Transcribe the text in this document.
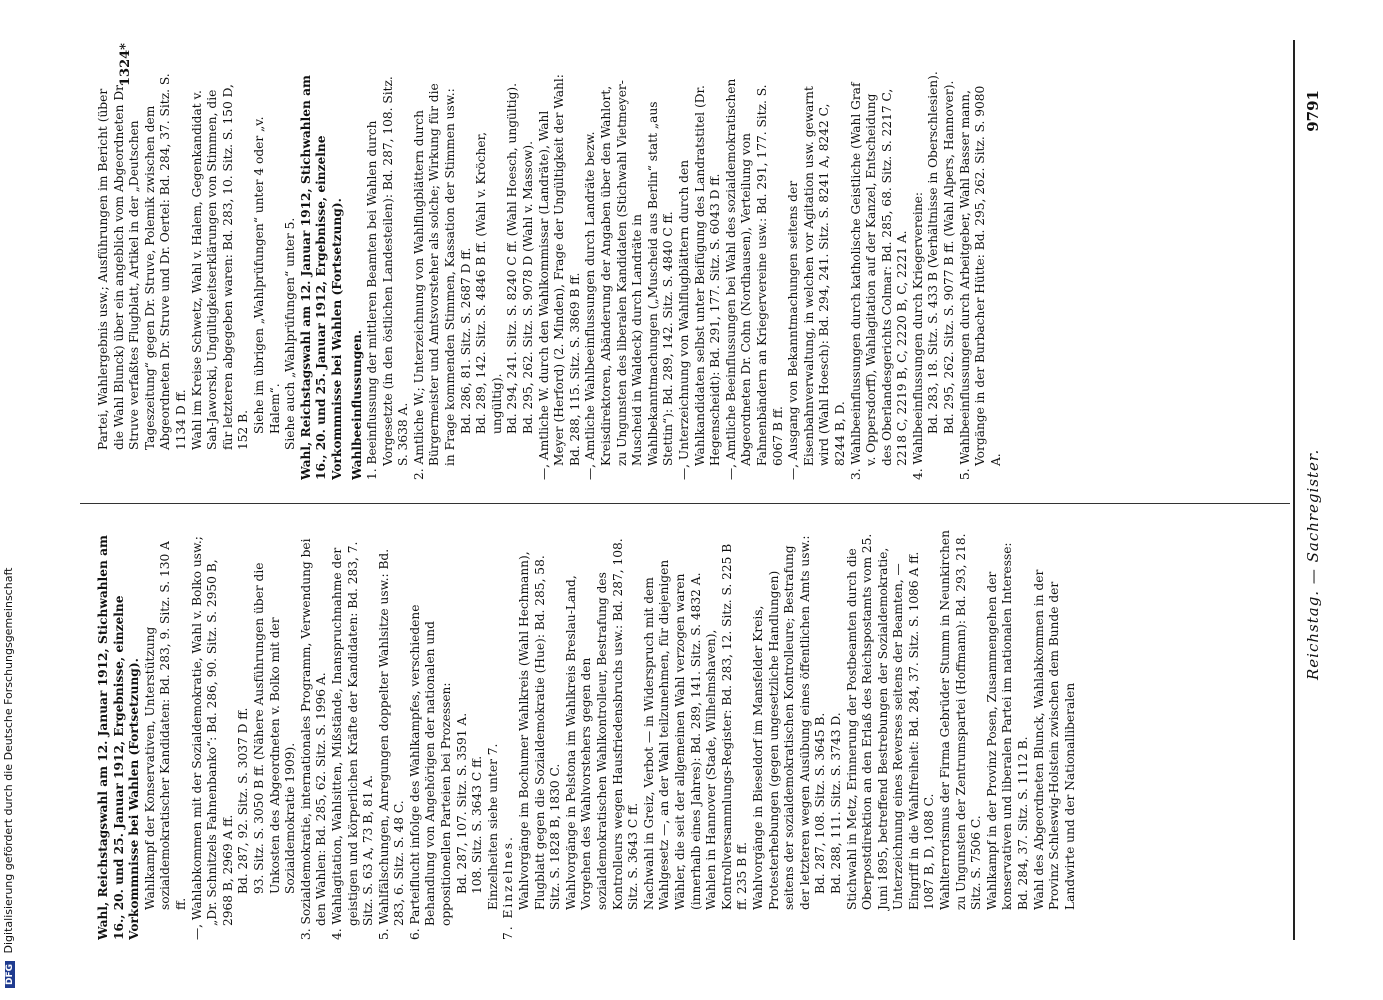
Reichstag. — Sachregister.
9791

Wahl, Reichstagswahl am 12. Januar 1912, Stichwahlen am 16., 20. und 25. Januar 1912, Ergebnisse, einzelne Vorkommnisse bei Wahlen (Fortsetzung). Wahlkampf der Konservativen, Unterstützung sozialdemokratischer Kandidaten: Bd. 283, 9. Sitz. S. 130 A ff. —, Wahlabkommen mit der Sozialdemokratie, Wahl v. Bolko usw.; „Dr. Schnitzels Fahnenbanko“: Bd. 286, 90. Sitz. S. 2950 B, 2968 B, 2969 A ff. Bd. 287, 92. Sitz. S. 3037 D ff. 93. Sitz. S. 3050 B ff. (Nähere Ausführungen über die Unkosten des Abgeordneten v. Bolko mit der Sozialdemokratie 1909). 3. Sozialdemokratie, internationales Programm, Verwendung bei den Wahlen: Bd. 285, 62. Sitz. S. 1996 A. 4. Wahlagitation, Wahlsitten, Mißstände, Inanspruchnahme der geistigen und körperlichen Kräfte der Kandidaten: Bd. 283, 7. Sitz. S. 63 A, 73 B, 81 A. 5. Wahlfälschungen, Anregungen doppelter Wahlsitze usw.: Bd. 283, 6. Sitz. S. 48 C. 6. Parteiflucht infolge des Wahlkampfes, verschiedene Behandlung von Angehörigen der nationalen und oppositionellen Parteien bei Prozessen: Bd. 287, 107. Sitz. S. 3591 A. 108. Sitz. S. 3643 C ff. Einzelheiten siehe unter 7. 7. Einzelnes. Wahlvorgänge im Bochumer Wahlkreis (Wahl Hechmann), Flugblatt gegen die Sozialdemokratie (Hue): Bd. 285, 58. Sitz. S. 1828 B, 1830 C. Wahlvorgänge in Pelstona im Wahlkreis Breslau-Land, Vorgehen des Wahlvorstehers gegen den sozialdemokratischen Wahlkontrolleur, Bestrafung des Kontrolleurs wegen Hausfriedensbruchs usw.: Bd. 287, 108. Sitz. S. 3643 C ff. Nachwahl in Greiz, Verbot — in Widerspruch mit dem Wahlgesetz —, an der Wahl teilzunehmen, für diejenigen Wähler, die seit der allgemeinen Wahl verzogen waren (innerhalb eines Jahres): Bd. 289, 141. Sitz. S. 4832 A. Wahlen in Hannover (Stade, Wilhelmshaven), Kontrollversammlungs-Register: Bd. 283, 12. Sitz. S. 225 B ff. 235 B ff. Wahlvorgänge in Bieseldorf im Mansfelder Kreis, Protesterhebungen (gegen ungesetzliche Handlungen) seitens der sozialdemokratischen Kontrolleure; Bestrafung der letzteren wegen Ausübung eines öffentlichen Amts usw.: Bd. 287, 108. Sitz. S. 3645 B. Bd. 288, 111. Sitz. S. 3743 D. Stichwahl in Metz, Erinnerung der Postbeamten durch die Oberpostdirektion an den Erlaß des Reichspostamts vom 25. Juni 1895, betreffend Bestrebungen der Sozialdemokratie, Unterzeichnung eines Reverses seitens der Beamten, — Eingriff in die Wahlfreiheit: Bd. 284, 37. Sitz. S. 1086 A ff. 1087 B, D, 1088 C. Wahlterrorismus der Firma Gebrüder Stumm in Neunkirchen zu Ungunsten der Zentrumspartei (Hoffmann): Bd. 293, 218. Sitz. S. 7506 C. Wahlkampf in der Provinz Posen, Zusammengehen der konservativen und liberalen Partei im nationalen Interesse: Bd. 284, 37. Sitz. S. 1112 B. Wahl des Abgeordneten Blunck, Wahlabkommen in der Provinz Schleswig-Holstein zwischen dem Bunde der Landwirte und der Nationalliberalen

Partei, Wahlergebnis usw.; Ausführungen im Bericht (über die Wahl Blunck) über ein angeblich vom Abgeordneten Dr. Struve verfaßtes Flugblatt, Artikel in der „Deutschen Tageszeitung“ gegen Dr. Struve, Polemik zwischen dem Abgeordneten Dr. Struve und Dr. Oertel: Bd. 284, 37. Sitz. S. 1134 D ff. Wahl im Kreise Schwetz, Wahl v. Halem, Gegenkandidat v. Sah-Jaworski, Ungültigkeitserklärungen von Stimmen, die für letzteren abgegeben waren: Bd. 283, 10. Sitz. S. 150 D, 152 B. Siehe im übrigen „Wahlprüfungen“ unter 4 oder „v. Halem“. Siehe auch „Wahlprüfungen“ unter 5. Wahl, Reichstagswahl am 12. Januar 1912, Stichwahlen am 16., 20. und 25. Januar 1912, Ergebnisse, einzelne Vorkommnisse bei Wahlen (Fortsetzung). Wahlbeeinflussungen. 1. Beeinflussung der mittleren Beamten bei Wahlen durch Vorgesetzte (in den östlichen Landesteilen): Bd. 287, 108. Sitz. S. 3638 A. 2. Amtliche W.; Unterzeichnung von Wahlflugblättern durch Bürgermeister und Amtsvorsteher als solche; Wirkung für die in Frage kommenden Stimmen, Kassation der Stimmen usw.: Bd. 286, 81. Sitz. S. 2687 D ff. Bd. 289, 142. Sitz. S. 4846 B ff. (Wahl v. Kröcher, ungültig). Bd. 294, 241. Sitz. S. 8240 C ff. (Wahl Hoesch, ungültig). Bd. 295, 262. Sitz. S. 9078 D (Wahl v. Massow). —, Amtliche W. durch den Wahlkommissar (Landräte), Wahl Meyer (Herford) (2. Minden), Frage der Ungültigkeit der Wahl: Bd. 288, 115. Sitz. S. 3869 B ff. —, Amtliche Wahlbeeinflussungen durch Landräte bezw. Kreisdirektoren, Abänderung der Angaben über den Wahlort, zu Ungunsten des liberalen Kandidaten (Stichwahl Vietmeyer-Muscheid in Waldeck) durch Landräte in Wahlbekanntmachungen („Muscheid aus Berlin“ statt „aus Stettin“): Bd. 289, 142. Sitz. S. 4840 C ff. —, Unterzeichnung von Wahlflugblättern durch den Wahlkandidaten selbst unter Beifügung des Landratstitel (Dr. Hegenscheidt): Bd. 291, 177. Sitz. S. 6043 D ff. —, Amtliche Beeinflussungen bei Wahl des sozialdemokratischen Abgeordneten Dr. Cohn (Nordhausen), Verteilung von Fahnenbändern an Kriegervereine usw.: Bd. 291, 177. Sitz. S. 6067 B ff. —, Ausgang von Bekanntmachungen seitens der Eisenbahnverwaltung, in welchen vor Agitation usw. gewarnt wird (Wahl Hoesch): Bd. 294, 241. Sitz. S. 8241 A, 8242 C, 8244 B, D. 3. Wahlbeeinflussungen durch katholische Geistliche (Wahl Graf v. Oppersdorff), Wahlagitation auf der Kanzel, Entscheidung des Oberlandesgerichts Colmar: Bd. 285, 68. Sitz. S. 2217 C, 2218 C, 2219 B, C, 2220 B, C, 2221 A. 4. Wahlbeeinflussungen durch Kriegervereine: Bd. 283, 18. Sitz. S. 433 B (Verhältnisse in Oberschlesien). Bd. 295, 262. Sitz. S. 9077 B ff. (Wahl Alpers, Hannover). 5. Wahlbeeinflussungen durch Arbeitgeber, Wahl Basser mann, Vorgänge in der Burbacher Hütte: Bd. 295, 262. Sitz. S. 9080 A.

1324*
DFG Digitalisierung gefördert durch die Deutsche Forschungsgemeinschaft
